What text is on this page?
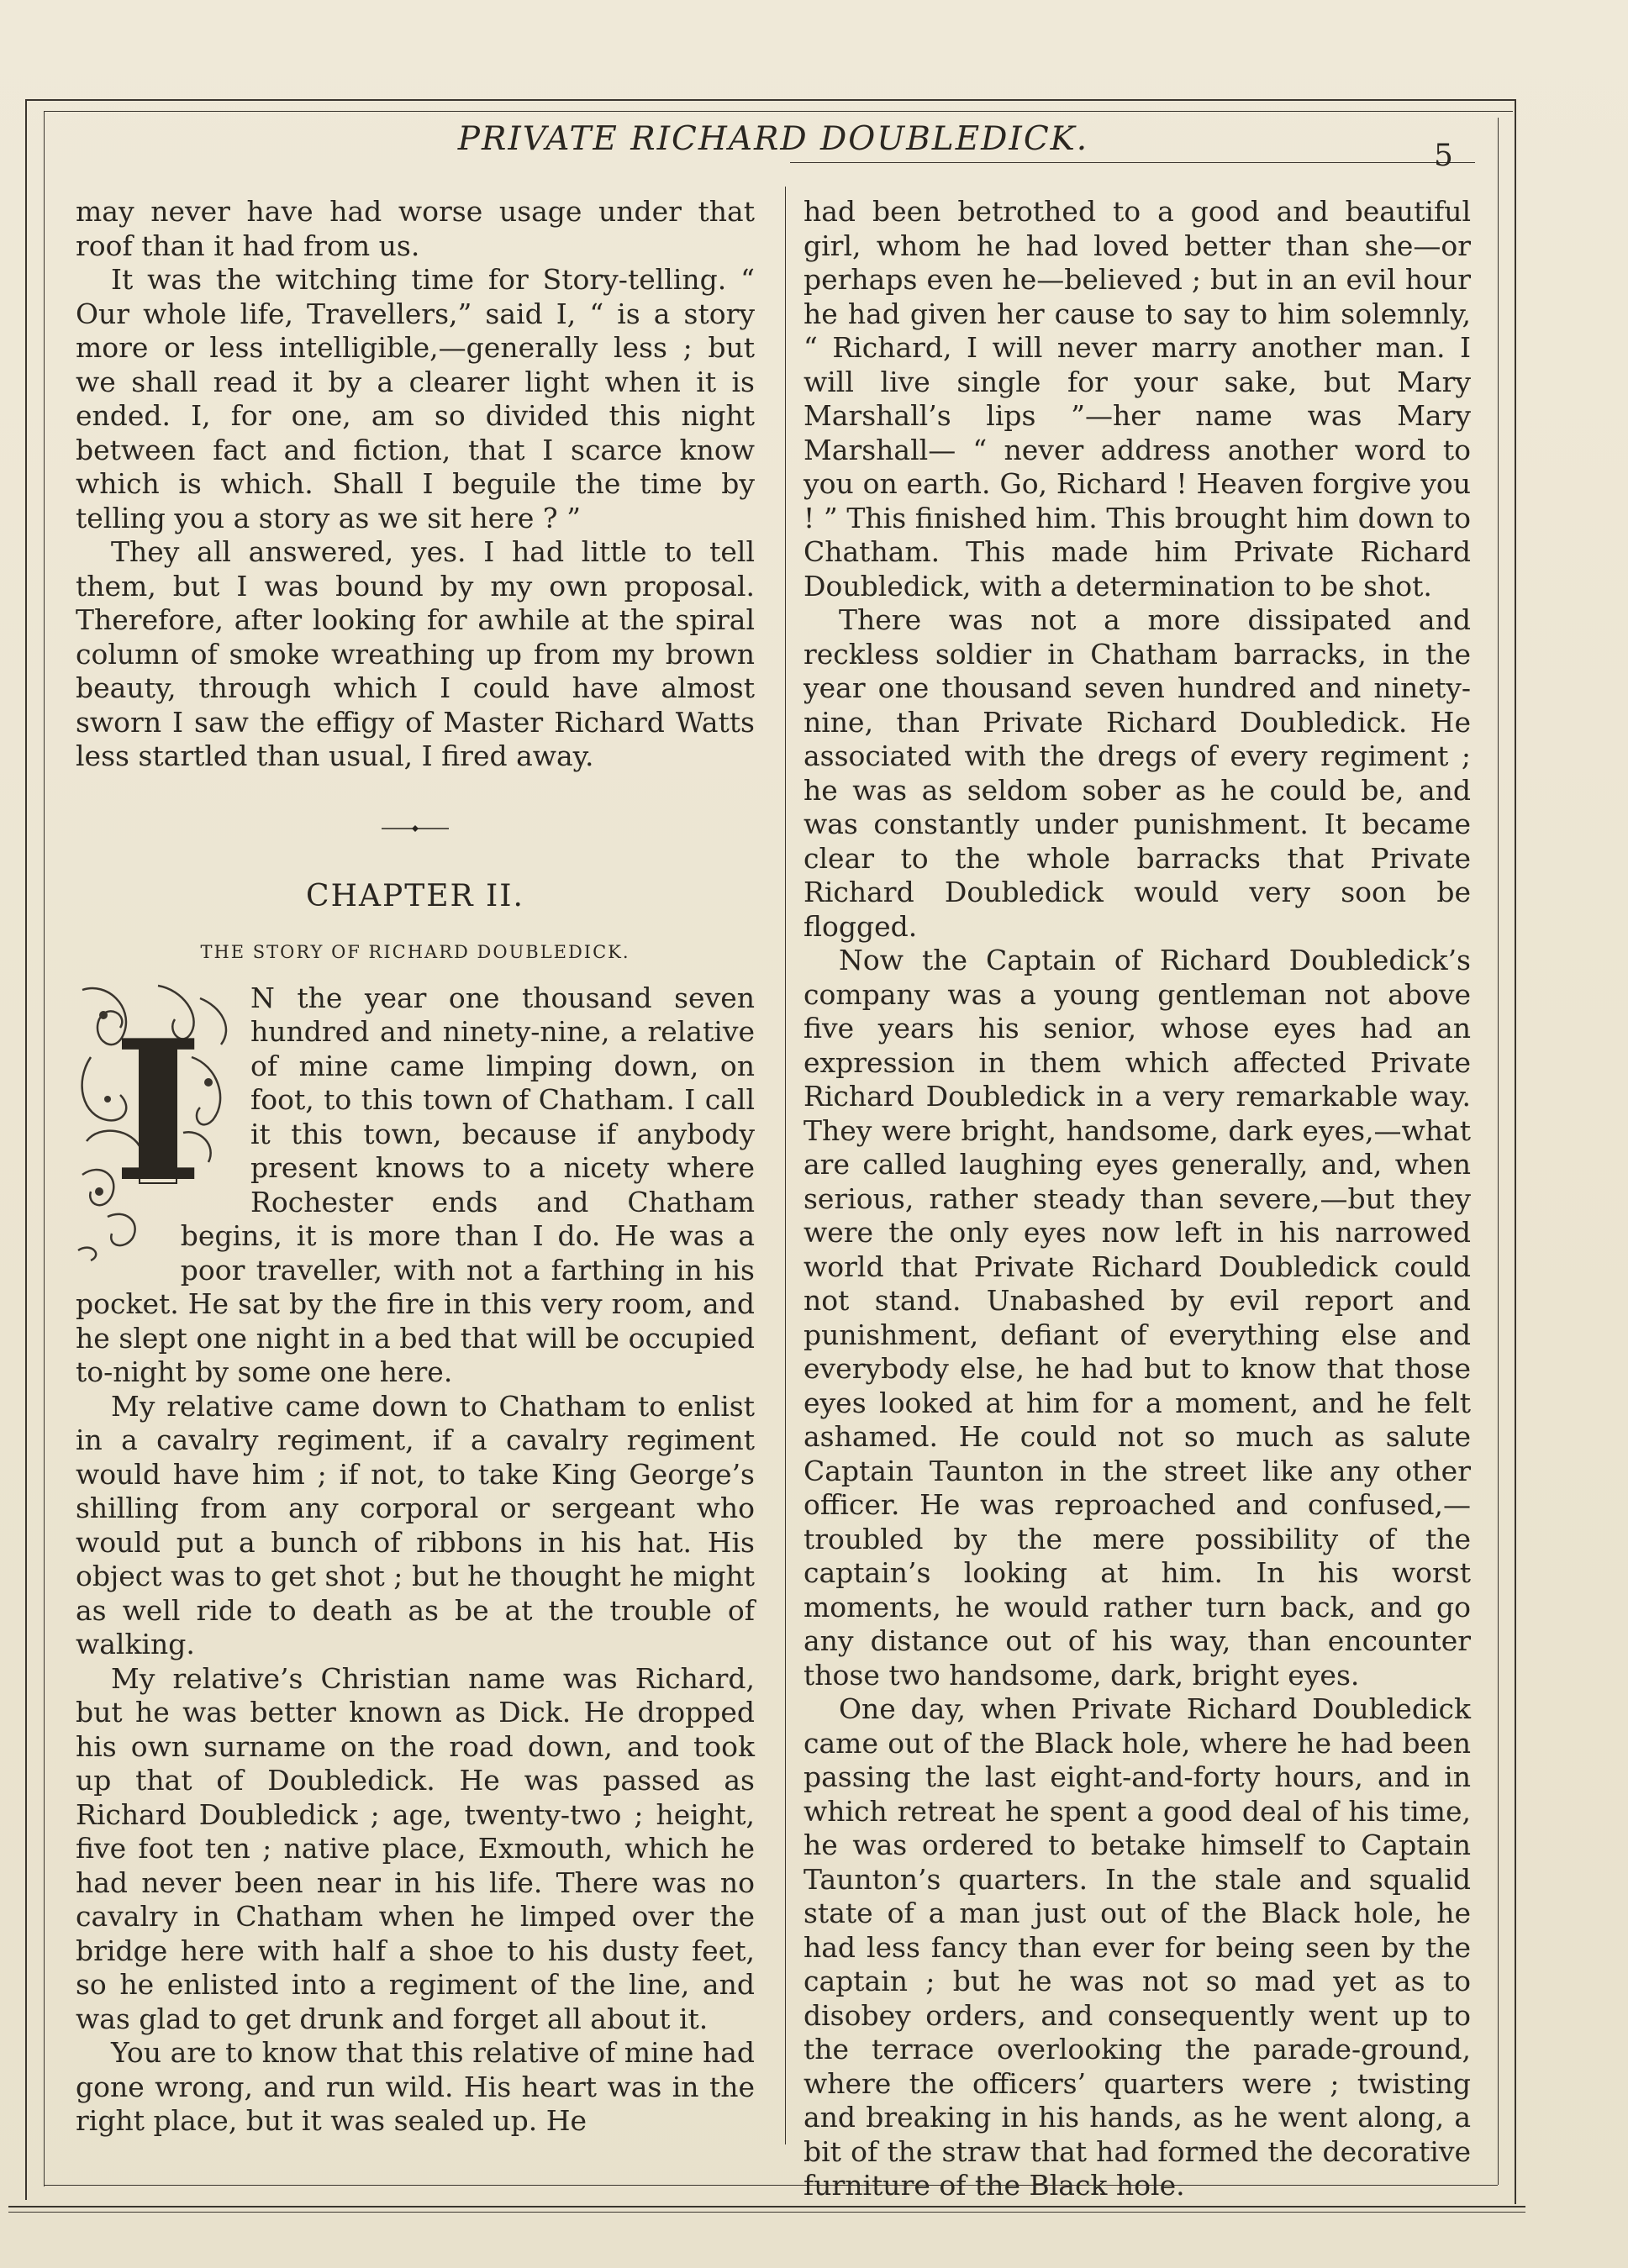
PRIVATE RICHARD DOUBLEDICK.	5

may never have had worse usage under that roof than it had from us.

It was the witching time for Story-telling. “ Our whole life, Travellers,” said I, “ is a story more or less intelligible,—generally less ; but we shall read it by a clearer light when it is ended. I, for one, am so divided this night between fact and fiction, that I scarce know which is which. Shall I beguile the time by telling you a story as we sit here ? ”

They all answered, yes. I had little to tell them, but I was bound by my own proposal. Therefore, after looking for awhile at the spiral column of smoke wreathing up from my brown beauty, through which I could have almost sworn I saw the effigy of Master Richard Watts less startled than usual, I fired away.

CHAPTER II.
THE STORY OF RICHARD DOUBLEDICK.
I

N the year one thousand seven hundred and ninety-nine, a relative of mine came limping down, on foot, to this town of Chatham. I call it this town, because if anybody present knows to a nicety where Rochester ends and Chatham begins, it is more than I do. He was a poor traveller, with not a farthing in his pocket. He sat by the fire in this very room, and he slept one night in a bed that will be occupied to-night by some one here.

My relative came down to Chatham to enlist in a cavalry regiment, if a cavalry regiment would have him ; if not, to take King George’s shilling from any corporal or sergeant who would put a bunch of ribbons in his hat. His object was to get shot ; but he thought he might as well ride to death as be at the trouble of walking.

My relative’s Christian name was Richard, but he was better known as Dick. He dropped his own surname on the road down, and took up that of Doubledick. He was passed as Richard Doubledick ; age, twenty-two ; height, five foot ten ; native place, Exmouth, which he had never been near in his life. There was no cavalry in Chatham when he limped over the bridge here with half a shoe to his dusty feet, so he enlisted into a regiment of the line, and was glad to get drunk and forget all about it.

You are to know that this relative of mine had gone wrong, and run wild. His heart was in the right place, but it was sealed up. He

had been betrothed to a good and beautiful girl, whom he had loved better than she—or perhaps even he—believed ; but in an evil hour he had given her cause to say to him solemnly, “ Richard, I will never marry another man. I will live single for your sake, but Mary Marshall’s lips ”—her name was Mary Marshall— “ never address another word to you on earth. Go, Richard ! Heaven forgive you ! ” This finished him. This brought him down to Chatham. This made him Private Richard Doubledick, with a determination to be shot.

There was not a more dissipated and reckless soldier in Chatham barracks, in the year one thousand seven hundred and ninety-nine, than Private Richard Doubledick. He associated with the dregs of every regiment ; he was as seldom sober as he could be, and was constantly under punishment. It became clear to the whole barracks that Private Richard Doubledick would very soon be flogged.

Now the Captain of Richard Doubledick’s company was a young gentleman not above five years his senior, whose eyes had an expression in them which affected Private Richard Doubledick in a very remarkable way. They were bright, handsome, dark eyes,—what are called laughing eyes generally, and, when serious, rather steady than severe,—but they were the only eyes now left in his narrowed world that Private Richard Doubledick could not stand. Unabashed by evil report and punishment, defiant of everything else and everybody else, he had but to know that those eyes looked at him for a moment, and he felt ashamed. He could not so much as salute Captain Taunton in the street like any other officer. He was reproached and confused,—troubled by the mere possibility of the captain’s looking at him. In his worst moments, he would rather turn back, and go any distance out of his way, than encounter those two handsome, dark, bright eyes.

One day, when Private Richard Doubledick came out of the Black hole, where he had been passing the last eight-and-forty hours, and in which retreat he spent a good deal of his time, he was ordered to betake himself to Captain Taunton’s quarters. In the stale and squalid state of a man just out of the Black hole, he had less fancy than ever for being seen by the captain ; but he was not so mad yet as to disobey orders, and consequently went up to the terrace overlooking the parade-ground, where the officers’ quarters were ; twisting and breaking in his hands, as he went along, a bit of the straw that had formed the decorative furniture of the Black hole.
